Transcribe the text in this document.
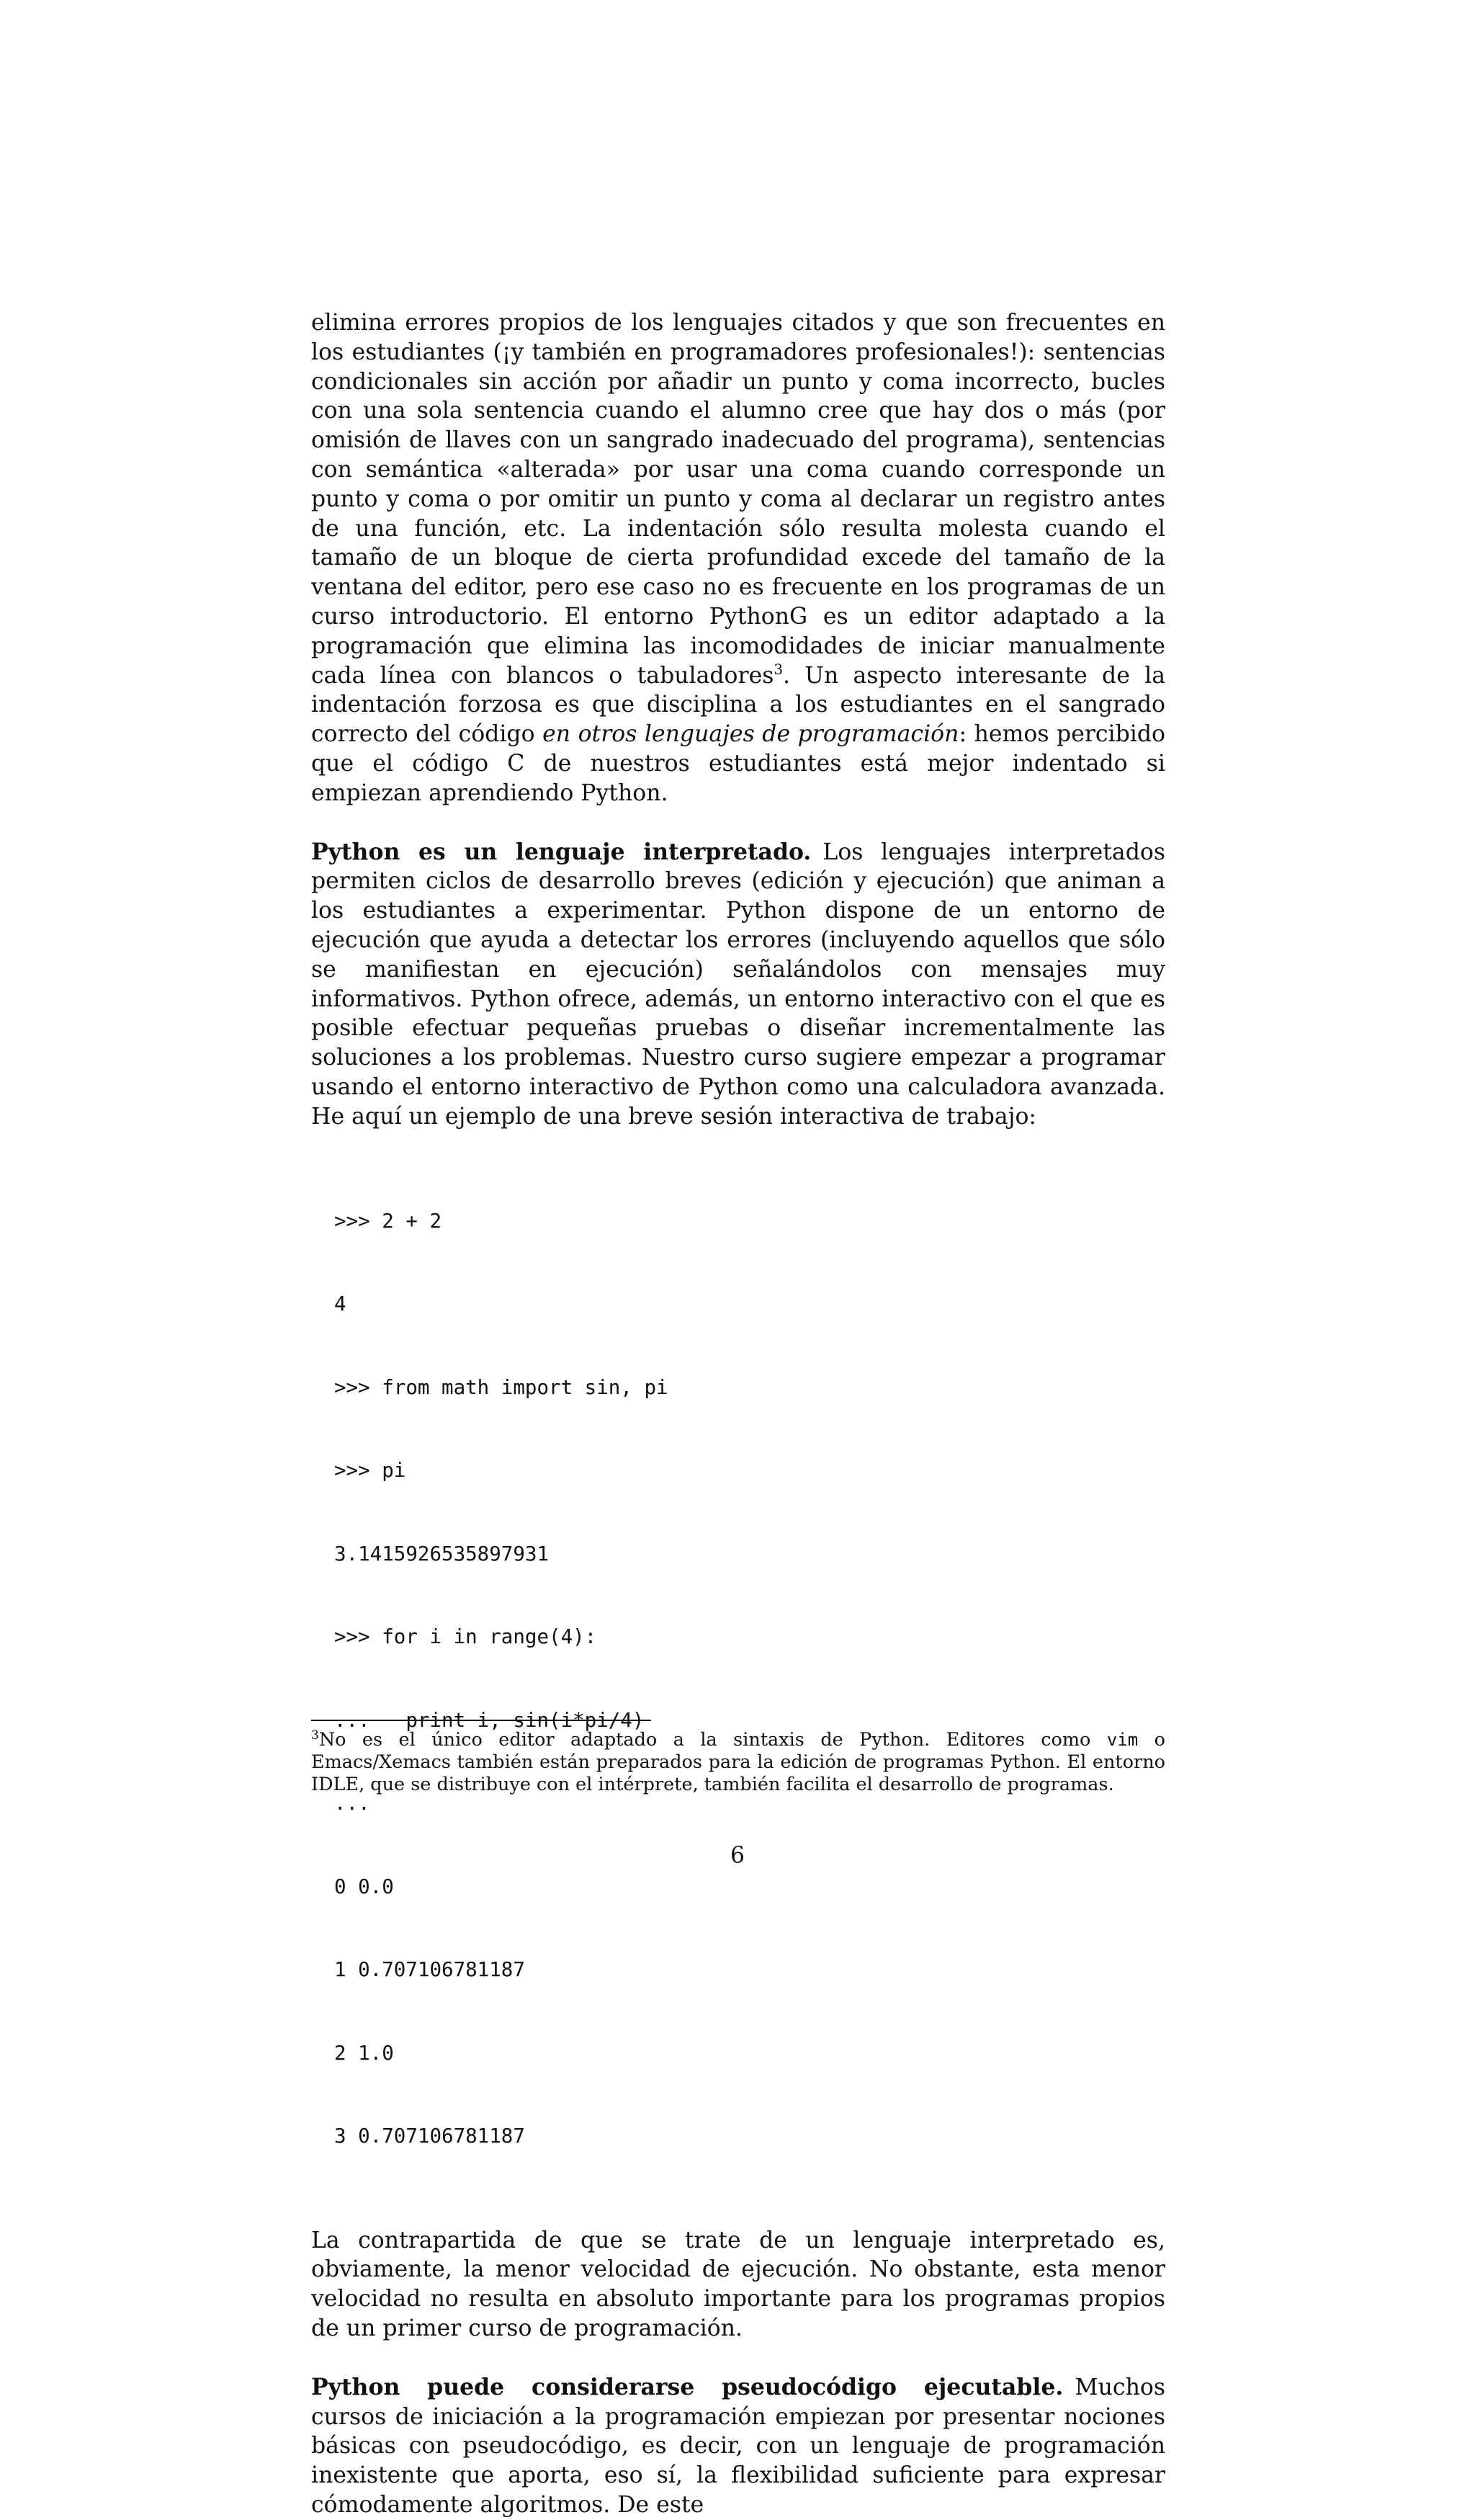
elimina errores propios de los lenguajes citados y que son frecuentes en los estudiantes (¡y también en programadores profesionales!): sentencias condicionales sin acción por añadir un punto y coma incorrecto, bucles con una sola sentencia cuando el alumno cree que hay dos o más (por omisión de llaves con un sangrado inadecuado del programa), sentencias con semántica «alterada» por usar una coma cuando corresponde un punto y coma o por omitir un punto y coma al declarar un registro antes de una función, etc. La indentación sólo resulta molesta cuando el tamaño de un bloque de cierta profundidad excede del tamaño de la ventana del editor, pero ese caso no es frecuente en los programas de un curso introductorio. El entorno PythonG es un editor adaptado a la programación que elimina las incomodidades de iniciar manualmente cada línea con blancos o tabuladores$^3$. Un aspecto interesante de la indentación forzosa es que disciplina a los estudiantes en el sangrado correcto del código en otros lenguajes de programación: hemos percibido que el código C de nuestros estudiantes está mejor indentado si empiezan aprendiendo Python.

Python es un lenguaje interpretado. Los lenguajes interpretados permiten ciclos de desarrollo breves (edición y ejecución) que animan a los estudiantes a experimentar. Python dispone de un entorno de ejecución que ayuda a detectar los errores (incluyendo aquellos que sólo se manifiestan en ejecución) señalándolos con mensajes muy informativos. Python ofrece, además, un entorno interactivo con el que es posible efectuar pequeñas pruebas o diseñar incrementalmente las soluciones a los problemas. Nuestro curso sugiere empezar a programar usando el entorno interactivo de Python como una calculadora avanzada. He aquí un ejemplo de una breve sesión interactiva de trabajo:

>>> 2 + 2

4

>>> from math import sin, pi

>>> pi

3.1415926535897931

>>> for i in range(4):

...   print i, sin(i*pi/4)

...

0 0.0

1 0.707106781187

2 1.0

3 0.707106781187

La contrapartida de que se trate de un lenguaje interpretado es, obviamente, la menor velocidad de ejecución. No obstante, esta menor velocidad no resulta en absoluto importante para los programas propios de un primer curso de programación.

Python puede considerarse pseudocódigo ejecutable. Muchos cursos de iniciación a la programación empiezan por presentar nociones básicas con pseudocódigo, es decir, con un lenguaje de programación inexistente que aporta, eso sí, la flexibilidad suficiente para expresar cómodamente algoritmos. De este

$^3$No es el único editor adaptado a la sintaxis de Python. Editores como vim o Emacs/Xemacs también están preparados para la edición de programas Python. El entorno IDLE, que se distribuye con el intérprete, también facilita el desarrollo de programas.
6
